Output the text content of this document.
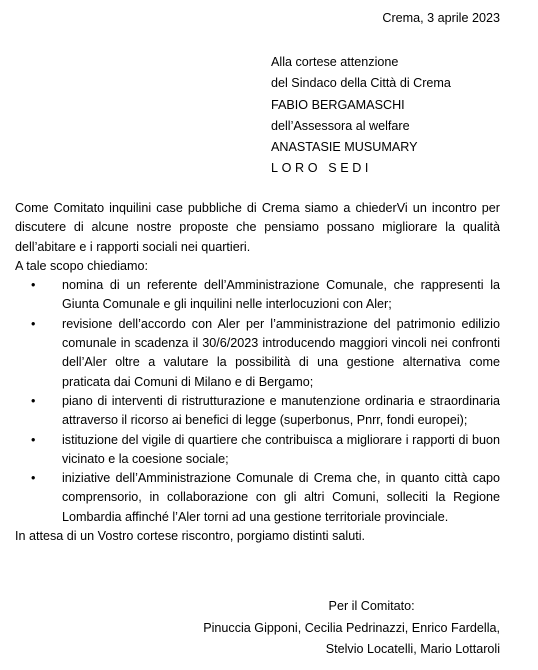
Crema, 3 aprile 2023
Alla cortese attenzione
del Sindaco della Città di Crema
FABIO BERGAMASCHI
dell’Assessora al welfare
ANASTASIE MUSUMARY
LORO SEDI
Come Comitato inquilini case pubbliche di Crema siamo a chiederVi un incontro per discutere di alcune nostre proposte che pensiamo possano migliorare la qualità dell’abitare e i rapporti sociali nei quartieri.
A tale scopo chiediamo:
• nomina di un referente dell’Amministrazione Comunale, che rappresenti la Giunta Comunale e gli inquilini nelle interlocuzioni con Aler;
• revisione dell’accordo con Aler per l’amministrazione del patrimonio edilizio comunale in scadenza il 30/6/2023 introducendo maggiori vincoli nei confronti dell’Aler oltre a valutare la possibilità di una gestione alternativa come praticata dai Comuni di Milano e di Bergamo;
• piano di interventi di ristrutturazione e manutenzione ordinaria e straordinaria attraverso il ricorso ai benefici di legge (superbonus, Pnrr, fondi europei);
• istituzione del vigile di quartiere che contribuisca a migliorare i rapporti di buon vicinato e la coesione sociale;
• iniziative dell’Amministrazione Comunale di Crema che, in quanto città capo comprensorio, in collaborazione con gli altri Comuni, solleciti la Regione Lombardia affinché l’Aler torni ad una gestione territoriale provinciale.
In attesa di un Vostro cortese riscontro, porgiamo distinti saluti.
Per il Comitato:
Pinuccia Gipponi, Cecilia Pedrinazzi, Enrico Fardella,
Stelvio Locatelli, Mario Lottaroli
